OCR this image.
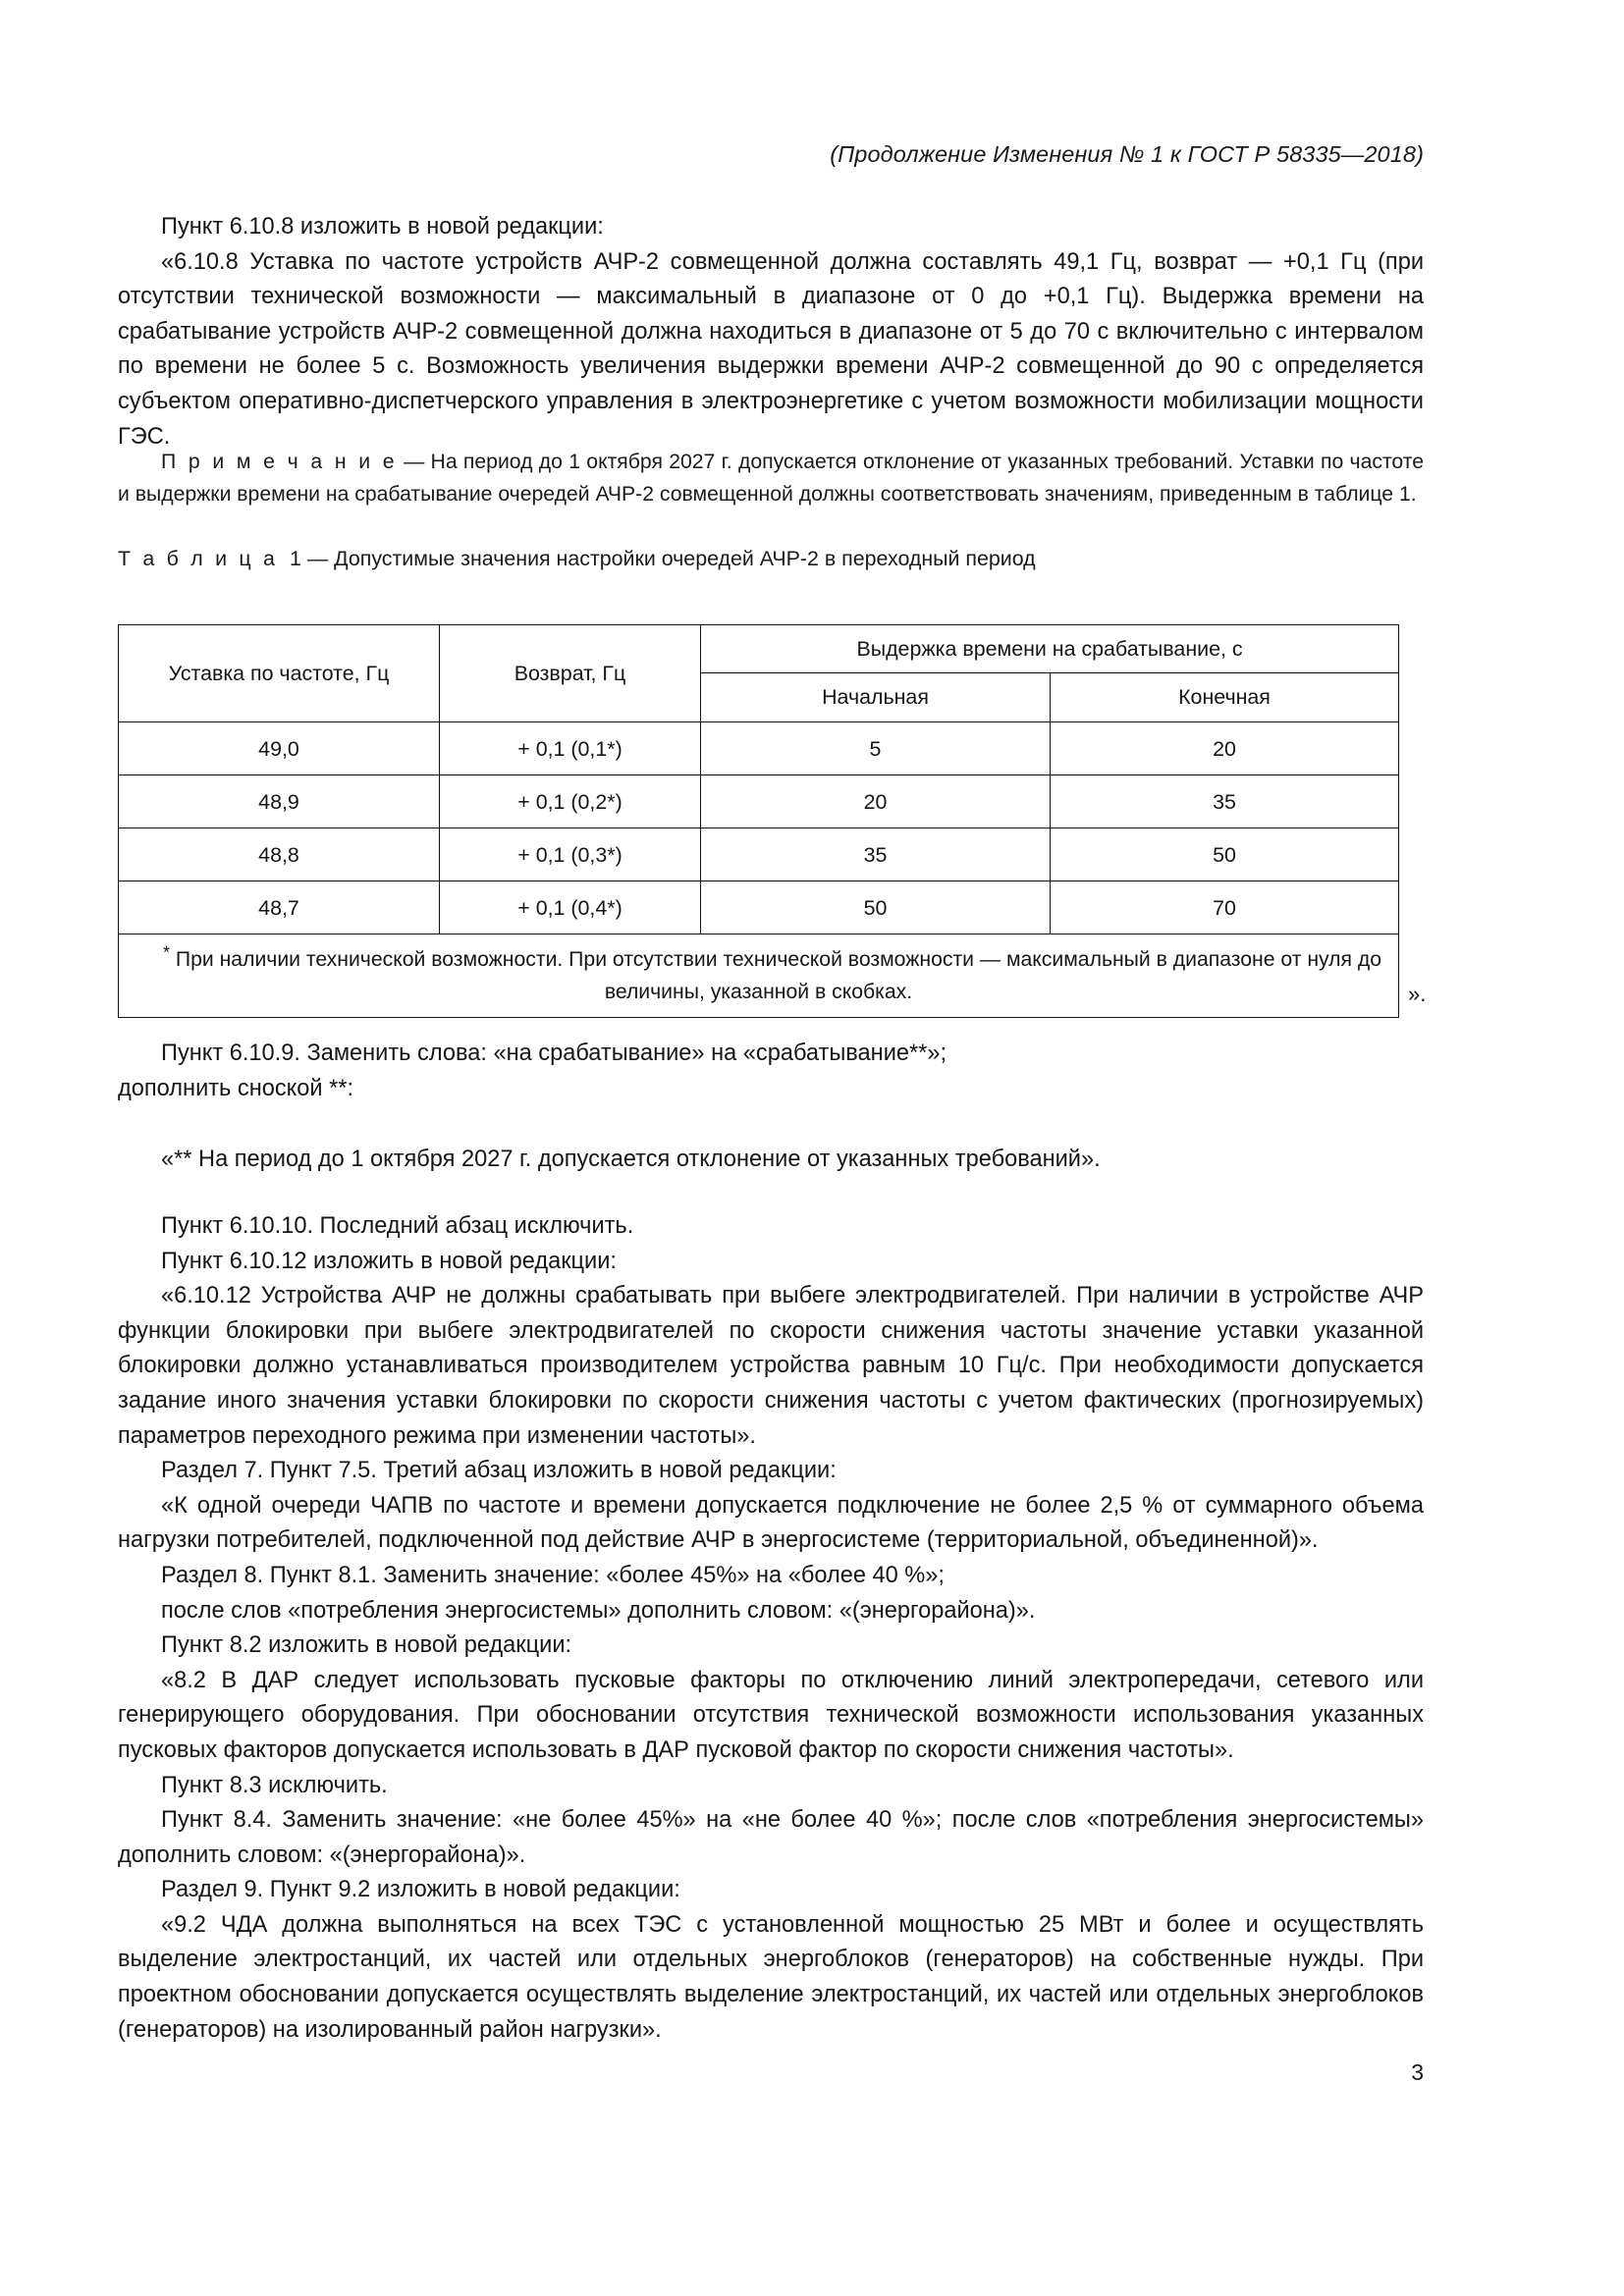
(Продолжение Изменения № 1 к ГОСТ Р 58335—2018)

Пункт 6.10.8 изложить в новой редакции:

«6.10.8 Уставка по частоте устройств АЧР-2 совмещенной должна составлять 49,1 Гц, возврат — +0,1 Гц (при отсутствии технической возможности — максимальный в диапазоне от 0 до +0,1 Гц). Выдержка времени на срабатывание устройств АЧР-2 совмещенной должна находиться в диапазоне от 5 до 70 с включительно с интервалом по времени не более 5 с. Возможность увеличения выдержки времени АЧР-2 совмещенной до 90 с определяется субъектом оперативно-диспетчерского управления в электроэнергетике с учетом возможности мобилизации мощности ГЭС.

П р и м е ч а н и е — На период до 1 октября 2027 г. допускается отклонение от указанных требований. Уставки по частоте и выдержки времени на срабатывание очередей АЧР-2 совмещенной должны соответствовать значениям, приведенным в таблице 1.

Т а б л и ц а 1 — Допустимые значения настройки очередей АЧР-2 в переходный период

Уставка по частоте, Гц	Возврат, Гц	Выдержка времени на срабатывание, с	
		Начальная	Конечная
49,0	+ 0,1 (0,1*)	5	20
48,9	+ 0,1 (0,2*)	20	35
48,8	+ 0,1 (0,3*)	35	50
48,7	+ 0,1 (0,4*)	50	70
* При наличии технической возможности. При отсутствии технической возможности — максимальный в диапазоне от нуля до величины, указанной в скобках.				».

Пункт 6.10.9. Заменить слова: «на срабатывание» на «срабатывание**»;

дополнить сноской **:

«** На период до 1 октября 2027 г. допускается отклонение от указанных требований».

Пункт 6.10.10. Последний абзац исключить.

Пункт 6.10.12 изложить в новой редакции:

«6.10.12 Устройства АЧР не должны срабатывать при выбеге электродвигателей. При наличии в устройстве АЧР функции блокировки при выбеге электродвигателей по скорости снижения частоты значение уставки указанной блокировки должно устанавливаться производителем устройства равным 10 Гц/с. При необходимости допускается задание иного значения уставки блокировки по скорости снижения частоты с учетом фактических (прогнозируемых) параметров переходного режима при изменении частоты».

Раздел 7. Пункт 7.5. Третий абзац изложить в новой редакции:

«К одной очереди ЧАПВ по частоте и времени допускается подключение не более 2,5 % от суммарного объема нагрузки потребителей, подключенной под действие АЧР в энергосистеме (территориальной, объединенной)».

Раздел 8. Пункт 8.1. Заменить значение: «более 45%» на «более 40 %»;

после слов «потребления энергосистемы» дополнить словом: «(энергорайона)».

Пункт 8.2 изложить в новой редакции:

«8.2 В ДАР следует использовать пусковые факторы по отключению линий электропередачи, сетевого или генерирующего оборудования. При обосновании отсутствия технической возможности использования указанных пусковых факторов допускается использовать в ДАР пусковой фактор по скорости снижения частоты».

Пункт 8.3 исключить.

Пункт 8.4. Заменить значение: «не более 45%» на «не более 40 %»; после слов «потребления энергосистемы» дополнить словом: «(энергорайона)».

Раздел 9. Пункт 9.2 изложить в новой редакции:

«9.2 ЧДА должна выполняться на всех ТЭС с установленной мощностью 25 МВт и более и осуществлять выделение электростанций, их частей или отдельных энергоблоков (генераторов) на собственные нужды. При проектном обосновании допускается осуществлять выделение электростанций, их частей или отдельных энергоблоков (генераторов) на изолированный район нагрузки».

3
